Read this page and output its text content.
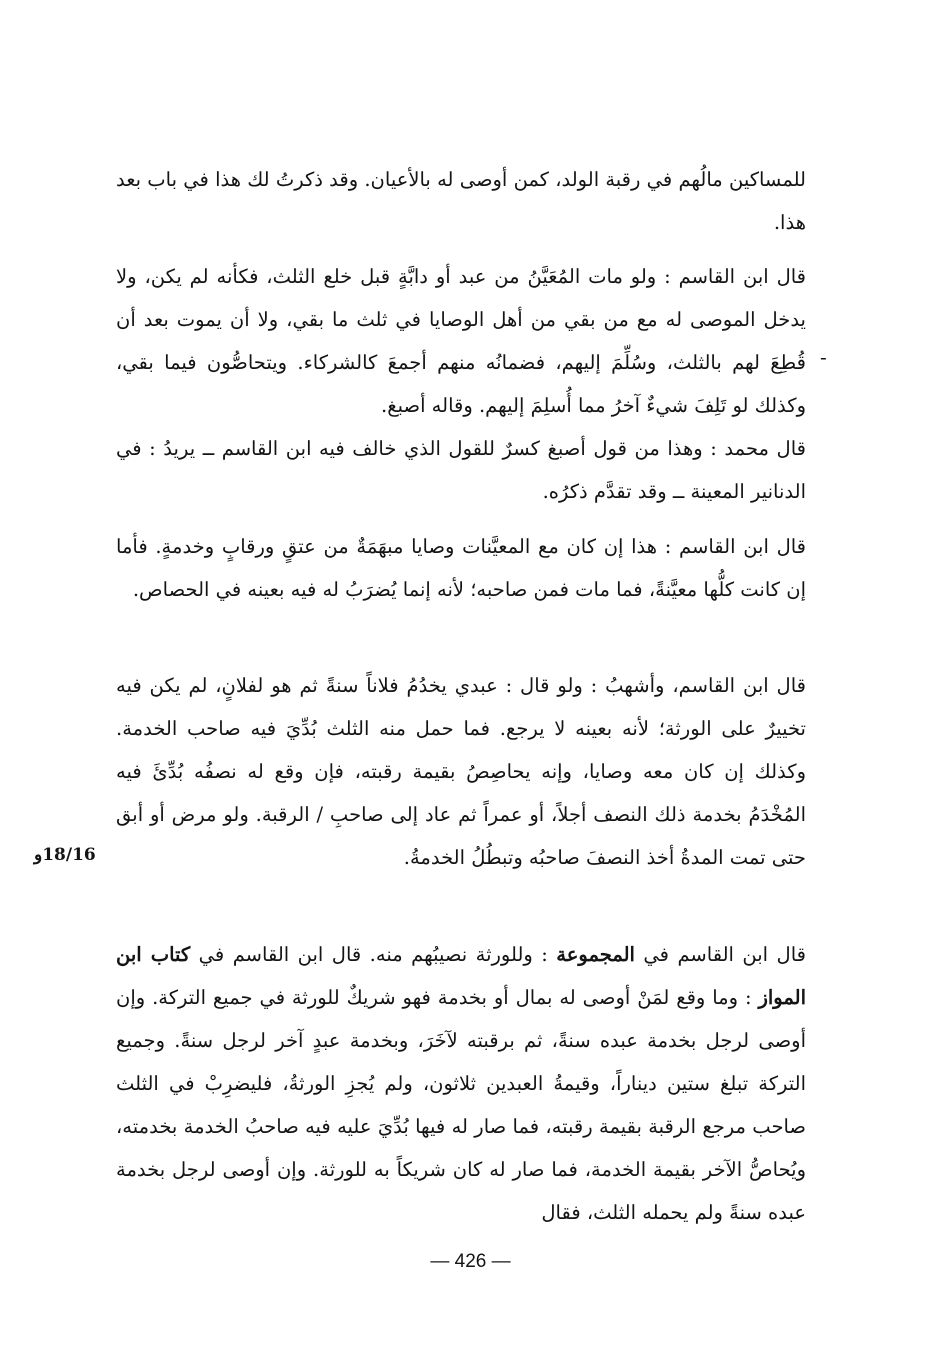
للمساكين مالُهم في رقبة الولد، كمن أوصى له بالأعيان. وقد ذكرتُ لك هذا في باب بعد هذا.

قال ابن القاسم : ولو مات المُعَيَّنُ من عبد أو دابَّةٍ قبل خلع الثلث، فكأنه لم يكن، ولا يدخل الموصى له مع من بقي من أهل الوصايا في ثلث ما بقي، ولا أن يموت بعد أن قُطِعَ لهم بالثلث، وسُلِّمَ إليهم، فضمانُه منهم أجمعَ كالشركاء. ويتحاصُّون فيما بقي، وكذلك لو تَلِفَ شيءٌ آخرُ مما أُسلِمَ إليهم. وقاله أصبغ.

-

قال محمد : وهذا من قول أصبغ كسرٌ للقول الذي خالف فيه ابن القاسم ــ يريدُ : في الدنانير المعينة ــ وقد تقدَّم ذكرُه.

قال ابن القاسم : هذا إن كان مع المعيَّنات وصايا مبهَمَةٌ من عتقٍ ورقابٍ وخدمةٍ. فأما إن كانت كلُّها معيَّنةً، فما مات فمن صاحبه؛ لأنه إنما يُضرَبُ له فيه بعينه في الحصاص.

قال ابن القاسم، وأشهبُ : ولو قال : عبدي يخدُمُ فلاناً سنةً ثم هو لفلانٍ، لم يكن فيه تخييرٌ على الورثة؛ لأنه بعينه لا يرجع. فما حمل منه الثلث بُدِّيَ فيه صاحب الخدمة. وكذلك إن كان معه وصايا، وإنه يحاصِصُ بقيمة رقبته، فإن وقع له نصفُه بُدِّئَ فيه المُخْدَمُ بخدمة ذلك النصف أجلاً، أو عمراً ثم عاد إلى صاحبِ / الرقبة. ولو مرض أو أبق حتى تمت المدةُ أخذ النصفَ صاحبُه وتبطُلُ الخدمةُ.

18/16و

قال ابن القاسم في المجموعة : وللورثة نصيبُهم منه. قال ابن القاسم في كتاب ابن المواز : وما وقع لمَنْ أوصى له بمال أو بخدمة فهو شريكٌ للورثة في جميع التركة. وإن أوصى لرجل بخدمة عبده سنةً، ثم برقبته لآخَرَ، وبخدمة عبدٍ آخر لرجل سنةً. وجميع التركة تبلغ ستين ديناراً، وقيمةُ العبدين ثلاثون، ولم يُجزِ الورثةُ، فليضرِبْ في الثلث صاحب مرجع الرقبة بقيمة رقبته، فما صار له فيها بُدِّيَ عليه فيه صاحبُ الخدمة بخدمته، ويُحاصُّ الآخر بقيمة الخدمة، فما صار له كان شريكاً به للورثة. وإن أوصى لرجل بخدمة عبده سنةً ولم يحمله الثلث، فقال

— 426 —
